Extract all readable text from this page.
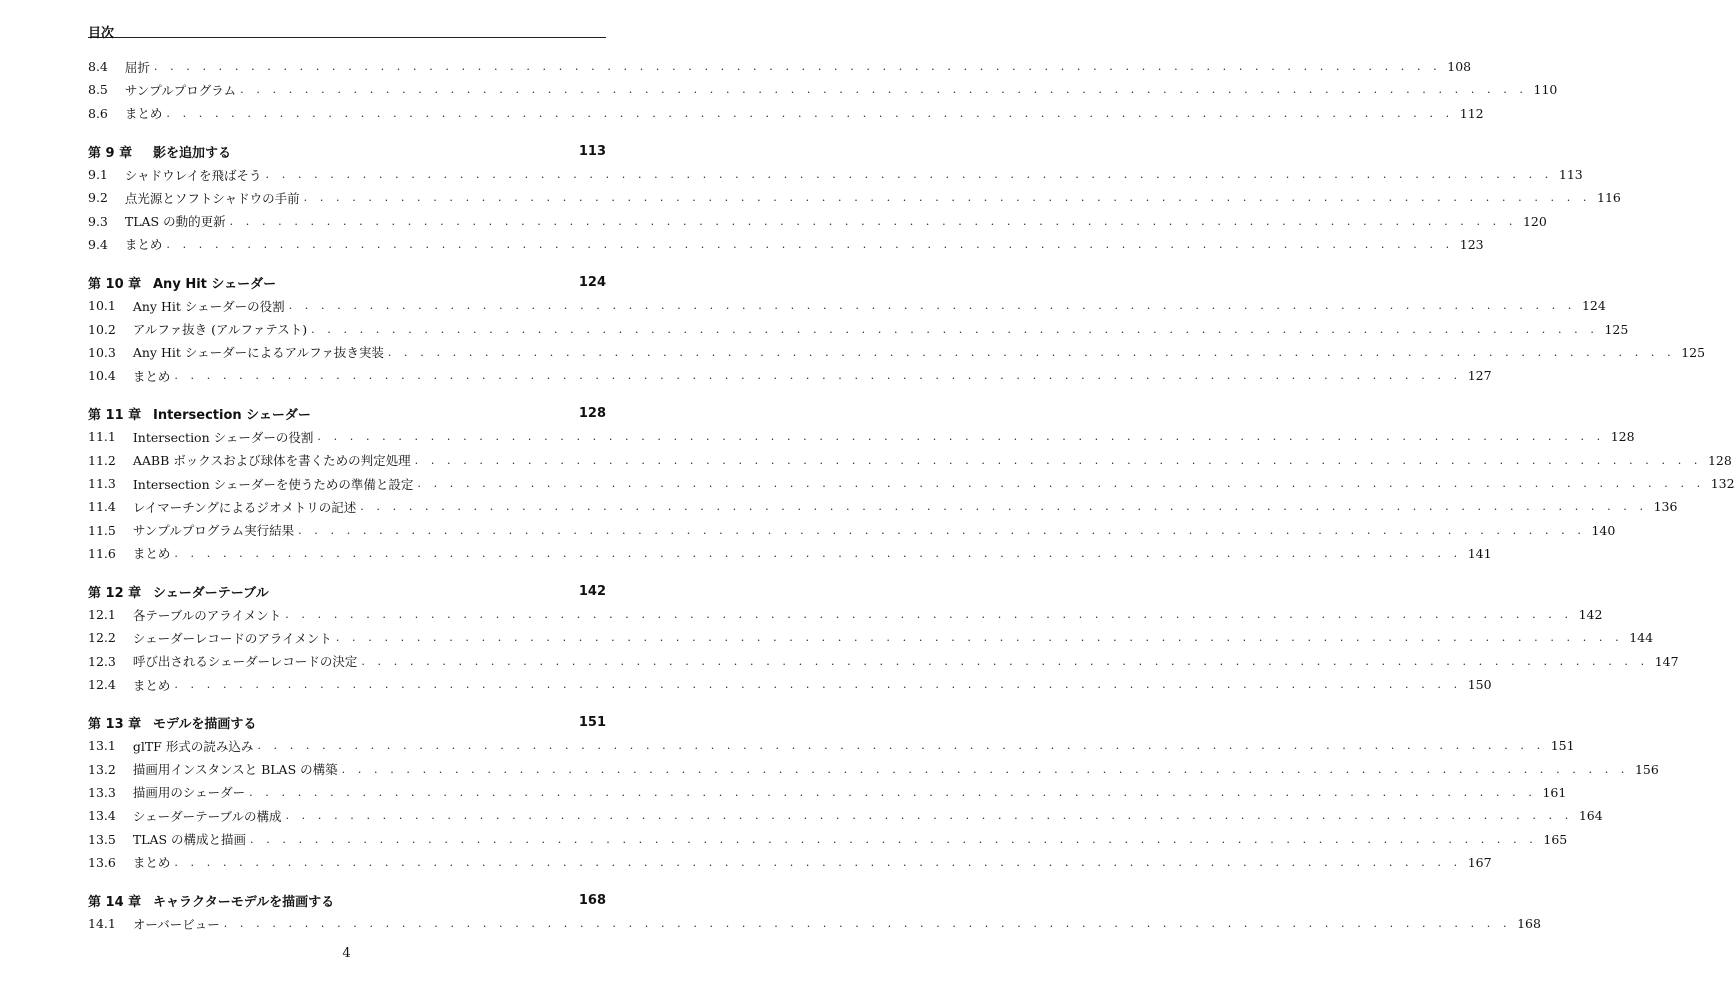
目次
8.4	屈折 . . . . . . . . . . . . . . . . . . . . . . . . . . . . . . . . . . . . . . . . . . . . . . . . . . . . . . . . . . . . . . . . . . . . . . . . . . . . . . . . 108
8.5	サンプルプログラム . . . . . . . . . . . . . . . . . . . . . . . . . . . . . . . . . . . . . . . . . . . . . . . . . . . . . . . . . . . . . . . . . . . . . . . . . . . . . . . . 110
8.6	まとめ . . . . . . . . . . . . . . . . . . . . . . . . . . . . . . . . . . . . . . . . . . . . . . . . . . . . . . . . . . . . . . . . . . . . . . . . . . . . . . . . 112
第 9 章	影を追加する	113
9.1	シャドウレイを飛ばそう . . . . . . . . . . . . . . . . . . . . . . . . . . . . . . . . . . . . . . . . . . . . . . . . . . . . . . . . . . . . . . . . . . . . . . . . . . . . . . . . 113
9.2	点光源とソフトシャドウの手前 . . . . . . . . . . . . . . . . . . . . . . . . . . . . . . . . . . . . . . . . . . . . . . . . . . . . . . . . . . . . . . . . . . . . . . . . . . . . . . . . 116
9.3	TLAS の動的更新 . . . . . . . . . . . . . . . . . . . . . . . . . . . . . . . . . . . . . . . . . . . . . . . . . . . . . . . . . . . . . . . . . . . . . . . . . . . . . . . . 120
9.4	まとめ . . . . . . . . . . . . . . . . . . . . . . . . . . . . . . . . . . . . . . . . . . . . . . . . . . . . . . . . . . . . . . . . . . . . . . . . . . . . . . . . 123
第 10 章 Any Hit シェーダー	124
10.1	Any Hit シェーダーの役割 . . . . . . . . . . . . . . . . . . . . . . . . . . . . . . . . . . . . . . . . . . . . . . . . . . . . . . . . . . . . . . . . . . . . . . . . . . . . . . . . 124
10.2	アルファ抜き (アルファテスト) . . . . . . . . . . . . . . . . . . . . . . . . . . . . . . . . . . . . . . . . . . . . . . . . . . . . . . . . . . . . . . . . . . . . . . . . . . . . . . . . 125
10.3	Any Hit シェーダーによるアルファ抜き実装 . . . . . . . . . . . . . . . . . . . . . . . . . . . . . . . . . . . . . . . . . . . . . . . . . . . . . . . . . . . . . . . . . . . . . . . . . . . . . . . . 125
10.4	まとめ . . . . . . . . . . . . . . . . . . . . . . . . . . . . . . . . . . . . . . . . . . . . . . . . . . . . . . . . . . . . . . . . . . . . . . . . . . . . . . . . 127
第 11 章 Intersection シェーダー	128
11.1	Intersection シェーダーの役割 . . . . . . . . . . . . . . . . . . . . . . . . . . . . . . . . . . . . . . . . . . . . . . . . . . . . . . . . . . . . . . . . . . . . . . . . . . . . . . . . 128
11.2	AABB ボックスおよび球体を書くための判定処理 . . . . . . . . . . . . . . . . . . . . . . . . . . . . . . . . . . . . . . . . . . . . . . . . . . . . . . . . . . . . . . . . . . . . . . . . . . . . . . . . 128
11.3	Intersection シェーダーを使うための準備と設定 . . . . . . . . . . . . . . . . . . . . . . . . . . . . . . . . . . . . . . . . . . . . . . . . . . . . . . . . . . . . . . . . . . . . . . . . . . . . . . . . 132
11.4	レイマーチングによるジオメトリの記述 . . . . . . . . . . . . . . . . . . . . . . . . . . . . . . . . . . . . . . . . . . . . . . . . . . . . . . . . . . . . . . . . . . . . . . . . . . . . . . . . 136
11.5	サンプルプログラム実行結果 . . . . . . . . . . . . . . . . . . . . . . . . . . . . . . . . . . . . . . . . . . . . . . . . . . . . . . . . . . . . . . . . . . . . . . . . . . . . . . . . 140
11.6	まとめ . . . . . . . . . . . . . . . . . . . . . . . . . . . . . . . . . . . . . . . . . . . . . . . . . . . . . . . . . . . . . . . . . . . . . . . . . . . . . . . . 141
第 12 章 シェーダーテーブル	142
12.1	各テーブルのアライメント . . . . . . . . . . . . . . . . . . . . . . . . . . . . . . . . . . . . . . . . . . . . . . . . . . . . . . . . . . . . . . . . . . . . . . . . . . . . . . . . 142
12.2	シェーダーレコードのアライメント . . . . . . . . . . . . . . . . . . . . . . . . . . . . . . . . . . . . . . . . . . . . . . . . . . . . . . . . . . . . . . . . . . . . . . . . . . . . . . . . 144
12.3	呼び出されるシェーダーレコードの決定 . . . . . . . . . . . . . . . . . . . . . . . . . . . . . . . . . . . . . . . . . . . . . . . . . . . . . . . . . . . . . . . . . . . . . . . . . . . . . . . . 147
12.4	まとめ . . . . . . . . . . . . . . . . . . . . . . . . . . . . . . . . . . . . . . . . . . . . . . . . . . . . . . . . . . . . . . . . . . . . . . . . . . . . . . . . 150
第 13 章 モデルを描画する	151
13.1	glTF 形式の読み込み . . . . . . . . . . . . . . . . . . . . . . . . . . . . . . . . . . . . . . . . . . . . . . . . . . . . . . . . . . . . . . . . . . . . . . . . . . . . . . . . 151
13.2	描画用インスタンスと BLAS の構築 . . . . . . . . . . . . . . . . . . . . . . . . . . . . . . . . . . . . . . . . . . . . . . . . . . . . . . . . . . . . . . . . . . . . . . . . . . . . . . . . 156
13.3	描画用のシェーダー . . . . . . . . . . . . . . . . . . . . . . . . . . . . . . . . . . . . . . . . . . . . . . . . . . . . . . . . . . . . . . . . . . . . . . . . . . . . . . . . 161
13.4	シェーダーテーブルの構成 . . . . . . . . . . . . . . . . . . . . . . . . . . . . . . . . . . . . . . . . . . . . . . . . . . . . . . . . . . . . . . . . . . . . . . . . . . . . . . . . 164
13.5	TLAS の構成と描画 . . . . . . . . . . . . . . . . . . . . . . . . . . . . . . . . . . . . . . . . . . . . . . . . . . . . . . . . . . . . . . . . . . . . . . . . . . . . . . . . 165
13.6	まとめ . . . . . . . . . . . . . . . . . . . . . . . . . . . . . . . . . . . . . . . . . . . . . . . . . . . . . . . . . . . . . . . . . . . . . . . . . . . . . . . . 167
第 14 章 キャラクターモデルを描画する	168
14.1	オーバービュー . . . . . . . . . . . . . . . . . . . . . . . . . . . . . . . . . . . . . . . . . . . . . . . . . . . . . . . . . . . . . . . . . . . . . . . . . . . . . . . . 168
4
